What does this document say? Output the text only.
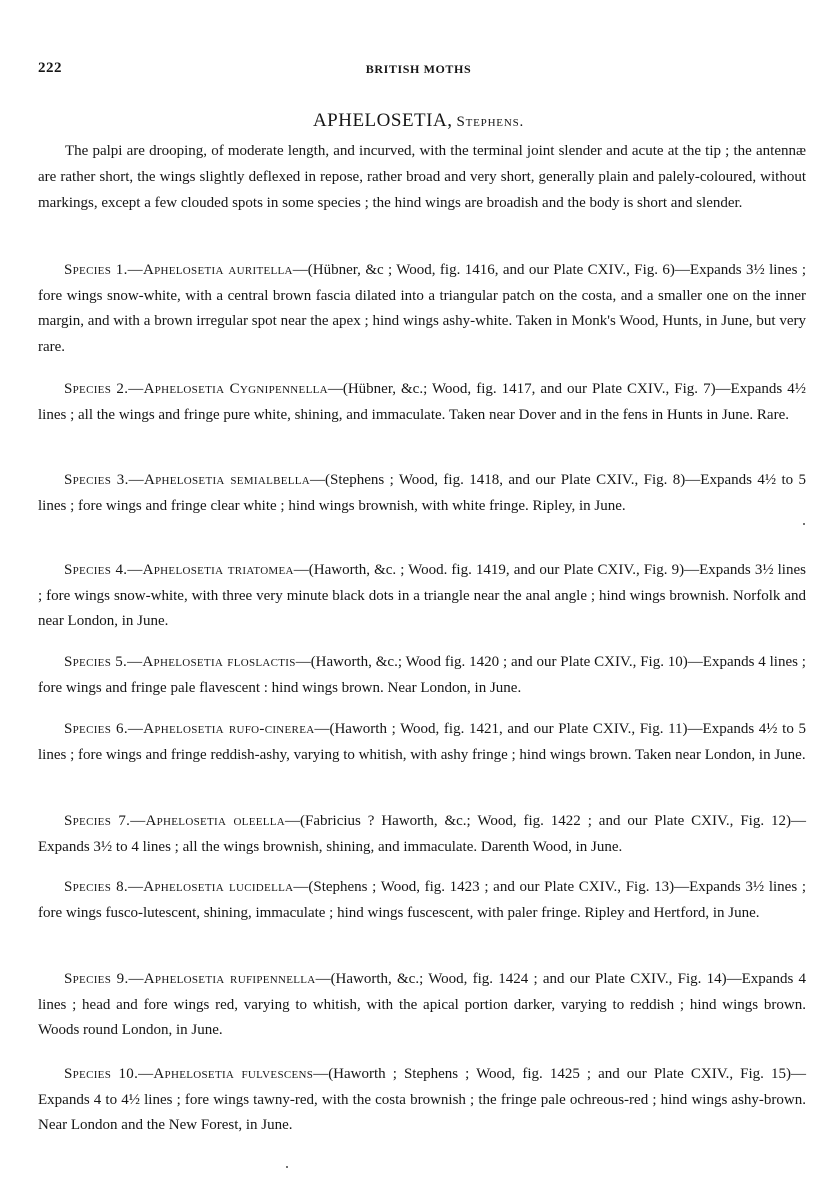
222	BRITISH MOTHS
APHELOSETIA, Stephens.

The palpi are drooping, of moderate length, and incurved, with the terminal joint slender and acute at the tip ; the antennæ are rather short, the wings slightly deflexed in repose, rather broad and very short, generally plain and palely-coloured, without markings, except a few clouded spots in some species ; the hind wings are broadish and the body is short and slender.

Species 1.—Aphelosetia auritella—(Hübner, &c ; Wood, fig. 1416, and our Plate CXIV., Fig. 6)—Expands 3½ lines ; fore wings snow-white, with a central brown fascia dilated into a triangular patch on the costa, and a smaller one on the inner margin, and with a brown irregular spot near the apex ; hind wings ashy-white. Taken in Monk's Wood, Hunts, in June, but very rare.

Species 2.—Aphelosetia Cygnipennella—(Hübner, &c.; Wood, fig. 1417, and our Plate CXIV., Fig. 7)—Expands 4½ lines ; all the wings and fringe pure white, shining, and immaculate. Taken near Dover and in the fens in Hunts in June. Rare.

Species 3.—Aphelosetia semialbella—(Stephens ; Wood, fig. 1418, and our Plate CXIV., Fig. 8)—Expands 4½ to 5 lines ; fore wings and fringe clear white ; hind wings brownish, with white fringe. Ripley, in June.

Species 4.—Aphelosetia triatomea—(Haworth, &c. ; Wood. fig. 1419, and our Plate CXIV., Fig. 9)—Expands 3½ lines ; fore wings snow-white, with three very minute black dots in a triangle near the anal angle ; hind wings brownish. Norfolk and near London, in June.

Species 5.—Aphelosetia floslactis—(Haworth, &c.; Wood fig. 1420 ; and our Plate CXIV., Fig. 10)—Expands 4 lines ; fore wings and fringe pale flavescent : hind wings brown. Near London, in June.

Species 6.—Aphelosetia rufo-cinerea—(Haworth ; Wood, fig. 1421, and our Plate CXIV., Fig. 11)—Expands 4½ to 5 lines ; fore wings and fringe reddish-ashy, varying to whitish, with ashy fringe ; hind wings brown. Taken near London, in June.

Species 7.—Aphelosetia oleella—(Fabricius ? Haworth, &c.; Wood, fig. 1422 ; and our Plate CXIV., Fig. 12)—Expands 3½ to 4 lines ; all the wings brownish, shining, and immaculate. Darenth Wood, in June.

Species 8.—Aphelosetia lucidella—(Stephens ; Wood, fig. 1423 ; and our Plate CXIV., Fig. 13)—Expands 3½ lines ; fore wings fusco-lutescent, shining, immaculate ; hind wings fuscescent, with paler fringe. Ripley and Hertford, in June.

Species 9.—Aphelosetia rufipennella—(Haworth, &c.; Wood, fig. 1424 ; and our Plate CXIV., Fig. 14)—Expands 4 lines ; head and fore wings red, varying to whitish, with the apical portion darker, varying to reddish ; hind wings brown. Woods round London, in June.

Species 10.—Aphelosetia fulvescens—(Haworth ; Stephens ; Wood, fig. 1425 ; and our Plate CXIV., Fig. 15)—Expands 4 to 4½ lines ; fore wings tawny-red, with the costa brownish ; the fringe pale ochreous-red ; hind wings ashy-brown. Near London and the New Forest, in June.
